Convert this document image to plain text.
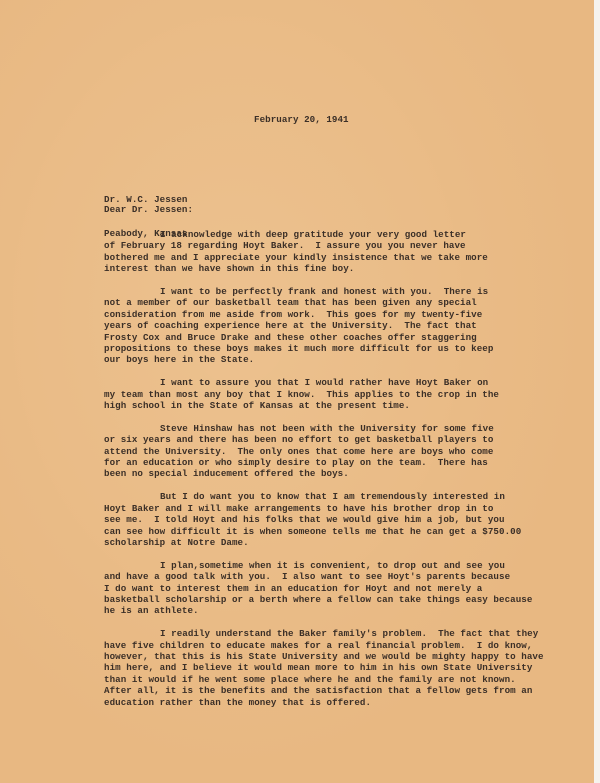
February 20, 1941

Dr. W.C. Jessen

Peabody, Kansas

Dear Dr. Jessen:
I acknowledge with deep gratitude your very good letter
of February 18 regarding Hoyt Baker.  I assure you you never have
bothered me and I appreciate your kindly insistence that we take more
interest than we have shown in this fine boy.
I want to be perfectly frank and honest with you.  There is
not a member of our basketball team that has been given any special
consideration from me aside from work.  This goes for my twenty-five
years of coaching experience here at the University.  The fact that
Frosty Cox and Bruce Drake and these other coaches offer staggering
propositions to these boys makes it much more difficult for us to keep
our boys here in the State.
I want to assure you that I would rather have Hoyt Baker on
my team than most any boy that I know.  This applies to the crop in the
high school in the State of Kansas at the present time.
Steve Hinshaw has not been with the University for some five
or six years and there has been no effort to get basketball players to
attend the University.  The only ones that come here are boys who come
for an education or who simply desire to play on the team.  There has
been no special inducement offered the boys.
But I do want you to know that I am tremendously interested in
Hoyt Baker and I will make arrangements to have his brother drop in to
see me.  I told Hoyt and his folks that we would give him a job, but you
can see how difficult it is when someone tells me that he can get a $750.00
scholarship at Notre Dame.
I plan,sometime when it is convenient, to drop out and see you
and have a good talk with you.  I also want to see Hoyt's parents because
I do want to interest them in an education for Hoyt and not merely a
basketball scholarship or a berth where a fellow can take things easy because
he is an athlete.
I readily understand the Baker family's problem.  The fact that they
have five children to educate makes for a real financial problem.  I do know,
however, that this is his State University and we would be mighty happy to have
him here, and I believe it would mean more to him in his own State University
than it would if he went some place where he and the family are not known.
After all, it is the benefits and the satisfaction that a fellow gets from an
education rather than the money that is offered.
